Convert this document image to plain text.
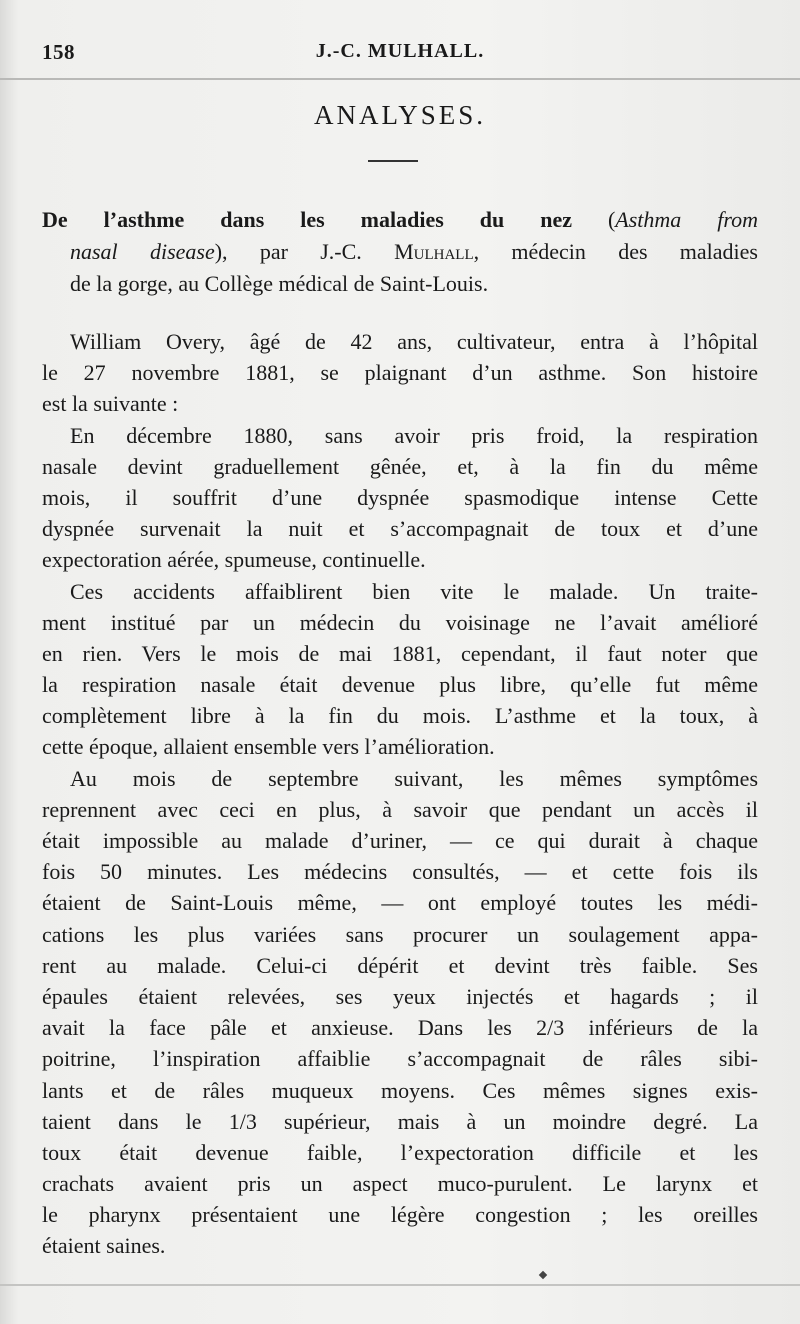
158	J.-C. MULHALL.
ANALYSES.
De l’asthme dans les maladies du nez (Asthma from
nasal disease), par J.-C. Mulhall, médecin des maladies
de la gorge, au Collège médical de Saint-Louis.
William Overy, âgé de 42 ans, cultivateur, entra à l’hôpital
le 27 novembre 1881, se plaignant d’un asthme. Son histoire
est la suivante :
En décembre 1880, sans avoir pris froid, la respiration
nasale devint graduellement gênée, et, à la fin du même
mois, il souffrit d’une dyspnée spasmodique intense Cette
dyspnée survenait la nuit et s’accompagnait de toux et d’une
expectoration aérée, spumeuse, continuelle.
Ces accidents affaiblirent bien vite le malade. Un traite-
ment institué par un médecin du voisinage ne l’avait amélioré
en rien. Vers le mois de mai 1881, cependant, il faut noter que
la respiration nasale était devenue plus libre, qu’elle fut même
complètement libre à la fin du mois. L’asthme et la toux, à
cette époque, allaient ensemble vers l’amélioration.
Au mois de septembre suivant, les mêmes symptômes
reprennent avec ceci en plus, à savoir que pendant un accès il
était impossible au malade d’uriner, — ce qui durait à chaque
fois 50 minutes. Les médecins consultés, — et cette fois ils
étaient de Saint-Louis même, — ont employé toutes les médi-
cations les plus variées sans procurer un soulagement appa-
rent au malade. Celui-ci dépérit et devint très faible. Ses
épaules étaient relevées, ses yeux injectés et hagards ; il
avait la face pâle et anxieuse. Dans les 2/3 inférieurs de la
poitrine, l’inspiration affaiblie s’accompagnait de râles sibi-
lants et de râles muqueux moyens. Ces mêmes signes exis-
taient dans le 1/3 supérieur, mais à un moindre degré. La
toux était devenue faible, l’expectoration difficile et les
crachats avaient pris un aspect muco-purulent. Le larynx et
le pharynx présentaient une légère congestion ; les oreilles
étaient saines.
